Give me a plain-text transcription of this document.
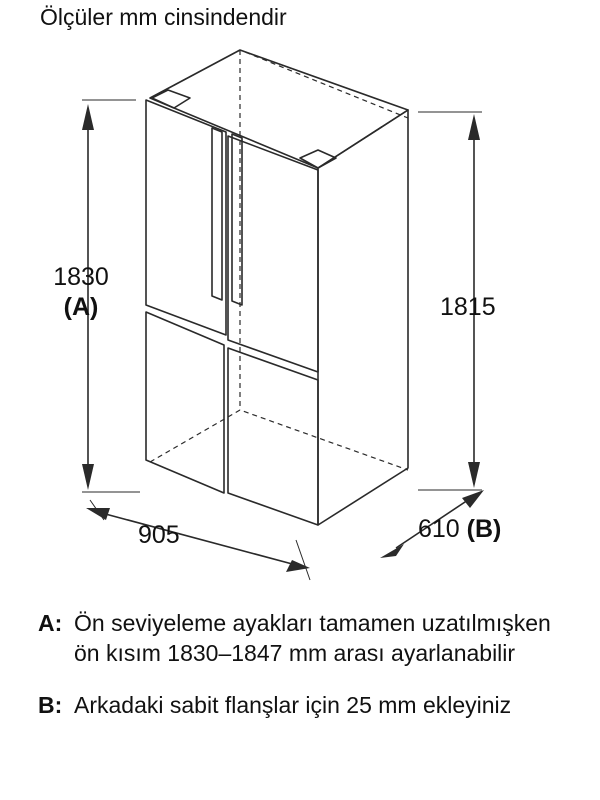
Ölçüler mm cinsindendir
1830
(A)	1815
905	610 (B)
A: Ön seviyeleme ayakları tamamen uzatılmışken ön kısım 1830–1847 mm arası ayarlanabilir
B: Arkadaki sabit flanşlar için 25 mm ekleyiniz
